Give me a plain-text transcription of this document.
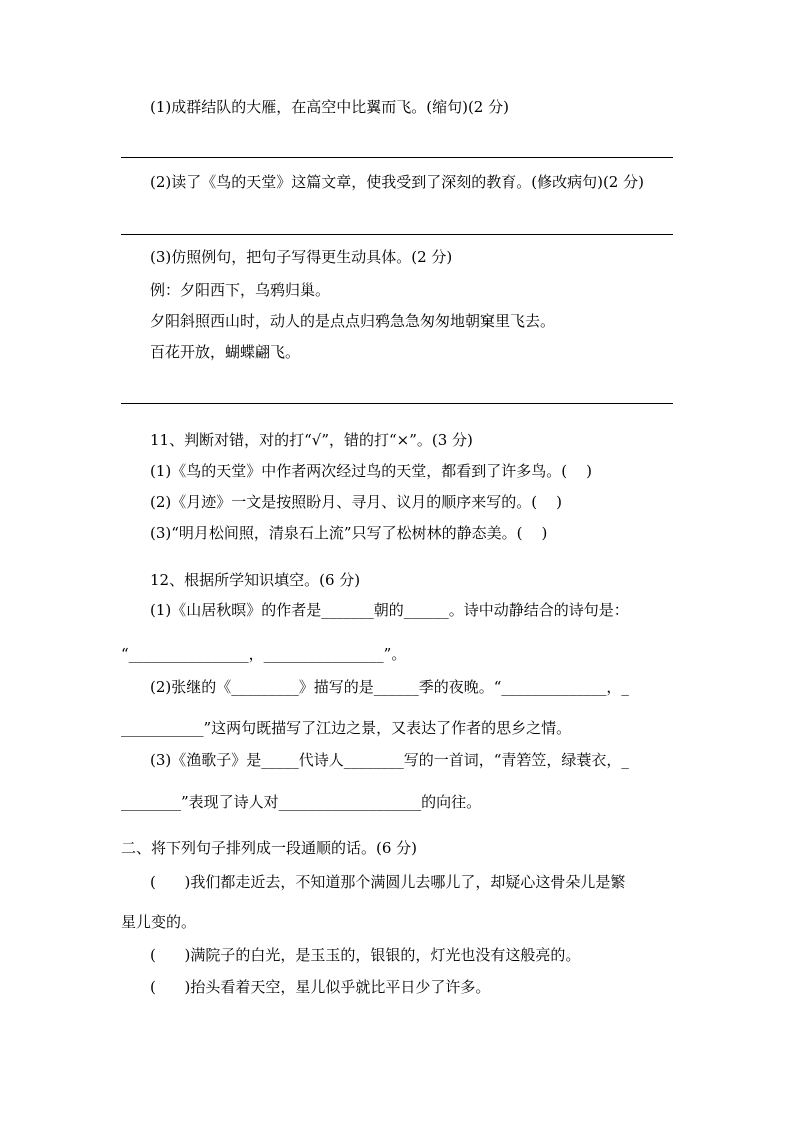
(1)成群结队的大雁，在高空中比翼而飞。(缩句)(2 分)
(2)读了《鸟的天堂》这篇文章，使我受到了深刻的教育。(修改病句)(2 分)
(3)仿照例句，把句子写得更生动具体。(2 分)
例：夕阳西下，乌鸦归巢。
夕阳斜照西山时，动人的是点点归鸦急急匆匆地朝窠里飞去。
百花开放，蝴蝶翩飞。
11、判断对错，对的打“√”，错的打“×”。(3 分)
(1)《鸟的天堂》中作者两次经过鸟的天堂，都看到了许多鸟。(    )
(2)《月迹》一文是按照盼月、寻月、议月的顺序来写的。(    )
(3)“明月松间照，清泉石上流”只写了松树林的静态美。(    )
12、根据所学知识填空。(6 分)
(1)《山居秋暝》的作者是_______朝的______。诗中动静结合的诗句是：
“________________，________________”。
(2)张继的《_________》描写的是______季的夜晚。“______________，_
___________”这两句既描写了江边之景，又表达了作者的思乡之情。
(3)《渔歌子》是_____代诗人________写的一首词，“青箬笠，绿蓑衣，_
________”表现了诗人对___________________的向往。
二、将下列句子排列成一段通顺的话。(6 分)
(      )我们都走近去，不知道那个满圆儿去哪儿了，却疑心这骨朵儿是繁
星儿变的。
(      )满院子的白光，是玉玉的，银银的，灯光也没有这般亮的。
(      )抬头看着天空，星儿似乎就比平日少了许多。
